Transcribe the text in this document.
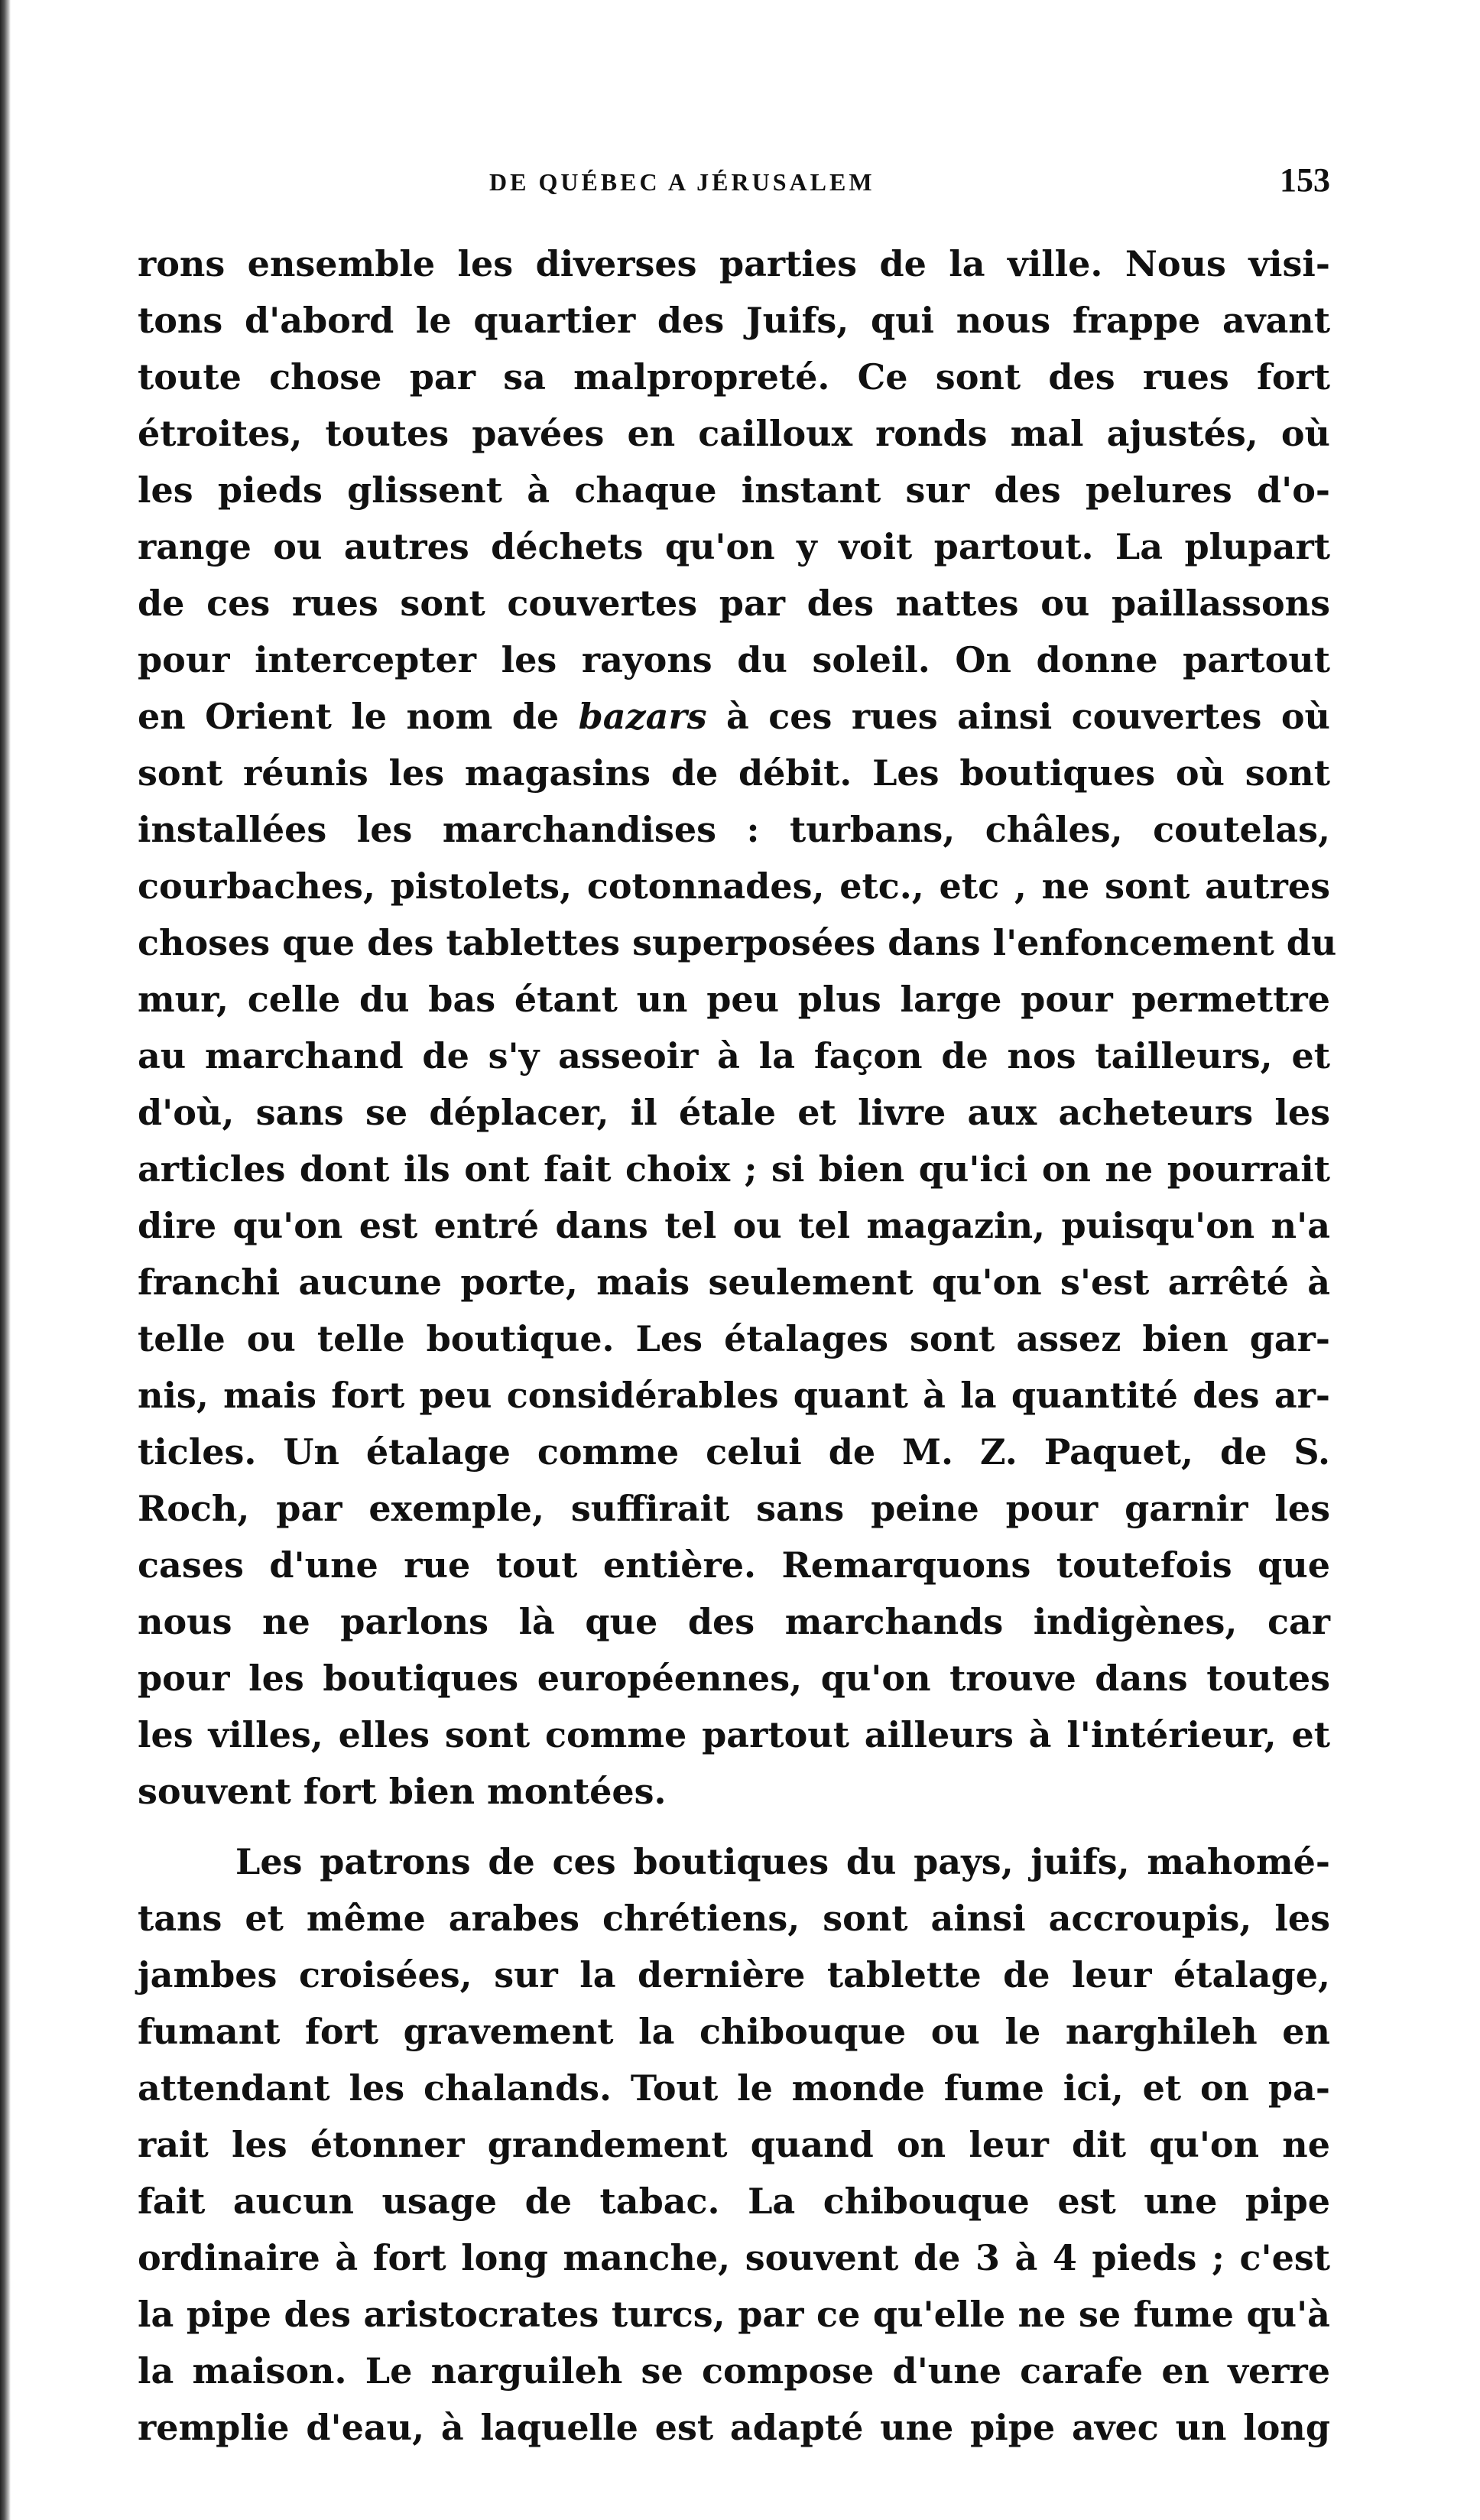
DE QUÉBEC A JÉRUSALEM	153
rons ensemble les diverses parties de la ville. Nous visi-
tons d'abord le quartier des Juifs, qui nous frappe avant
toute chose par sa malpropreté. Ce sont des rues fort
étroites, toutes pavées en cailloux ronds mal ajustés, où
les pieds glissent à chaque instant sur des pelures d'o-
range ou autres déchets qu'on y voit partout. La plupart
de ces rues sont couvertes par des nattes ou paillassons
pour intercepter les rayons du soleil. On donne partout
en Orient le nom de bazars à ces rues ainsi couvertes où
sont réunis les magasins de débit. Les boutiques où sont
installées les marchandises : turbans, châles, coutelas,
courbaches, pistolets, cotonnades, etc., etc , ne sont autres
choses que des tablettes superposées dans l'enfoncement du
mur, celle du bas étant un peu plus large pour permettre
au marchand de s'y asseoir à la façon de nos tailleurs, et
d'où, sans se déplacer, il étale et livre aux acheteurs les
articles dont ils ont fait choix ; si bien qu'ici on ne pourrait
dire qu'on est entré dans tel ou tel magazin, puisqu'on n'a
franchi aucune porte, mais seulement qu'on s'est arrêté à
telle ou telle boutique. Les étalages sont assez bien gar-
nis, mais fort peu considérables quant à la quantité des ar-
ticles. Un étalage comme celui de M. Z. Paquet, de S.
Roch, par exemple, suffirait sans peine pour garnir les
cases d'une rue tout entière. Remarquons toutefois que
nous ne parlons là que des marchands indigènes, car
pour les boutiques européennes, qu'on trouve dans toutes
les villes, elles sont comme partout ailleurs à l'intérieur, et
souvent fort bien montées.
Les patrons de ces boutiques du pays, juifs, mahomé-
tans et même arabes chrétiens, sont ainsi accroupis, les
jambes croisées, sur la dernière tablette de leur étalage,
fumant fort gravement la chibouque ou le narghileh en
attendant les chalands. Tout le monde fume ici, et on pa-
rait les étonner grandement quand on leur dit qu'on ne
fait aucun usage de tabac. La chibouque est une pipe
ordinaire à fort long manche, souvent de 3 à 4 pieds ; c'est
la pipe des aristocrates turcs, par ce qu'elle ne se fume qu'à
la maison. Le narguileh se compose d'une carafe en verre
remplie d'eau, à laquelle est adapté une pipe avec un long
